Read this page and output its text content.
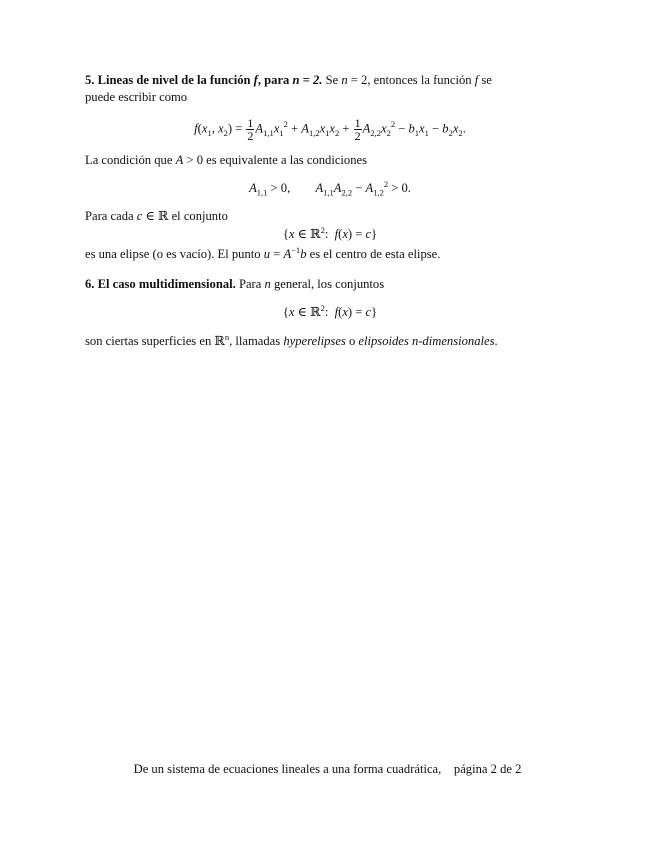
5. Lineas de nivel de la función f, para n = 2. Se n = 2, entonces la función f se
puede escribir como

$f(x_1$, $x_2) = \frac{1}{2} A_{1,1}x_1^2 + A_{1,2}x_1x_2 + \frac{1}{2} A_{2,2}x_2^2 - b_1x_1 - b_2x_2$.

La condición que A > 0 es equivalente a las condiciones

$A_{1,1} > 0$,        $A_{1,1}A_{2,2} - A_{1,2}^2 > 0$.

Para cada c ∈ ℝ el conjunto

{x ∈ ℝ$^2$:  f(x) = c}

es una elipse (o es vacío). El punto $u = A^{-1}b$ es el centro de esta elipse.

6. El caso multidimensional. Para n general, los conjuntos

{x ∈ ℝ$^2$:  f(x) = c}

son ciertas superficies en ℝ$^n$, llamadas hyperelipses o elipsoides n-dimensionales.

De un sistema de ecuaciones lineales a una forma cuadrática, página 2 de 2
